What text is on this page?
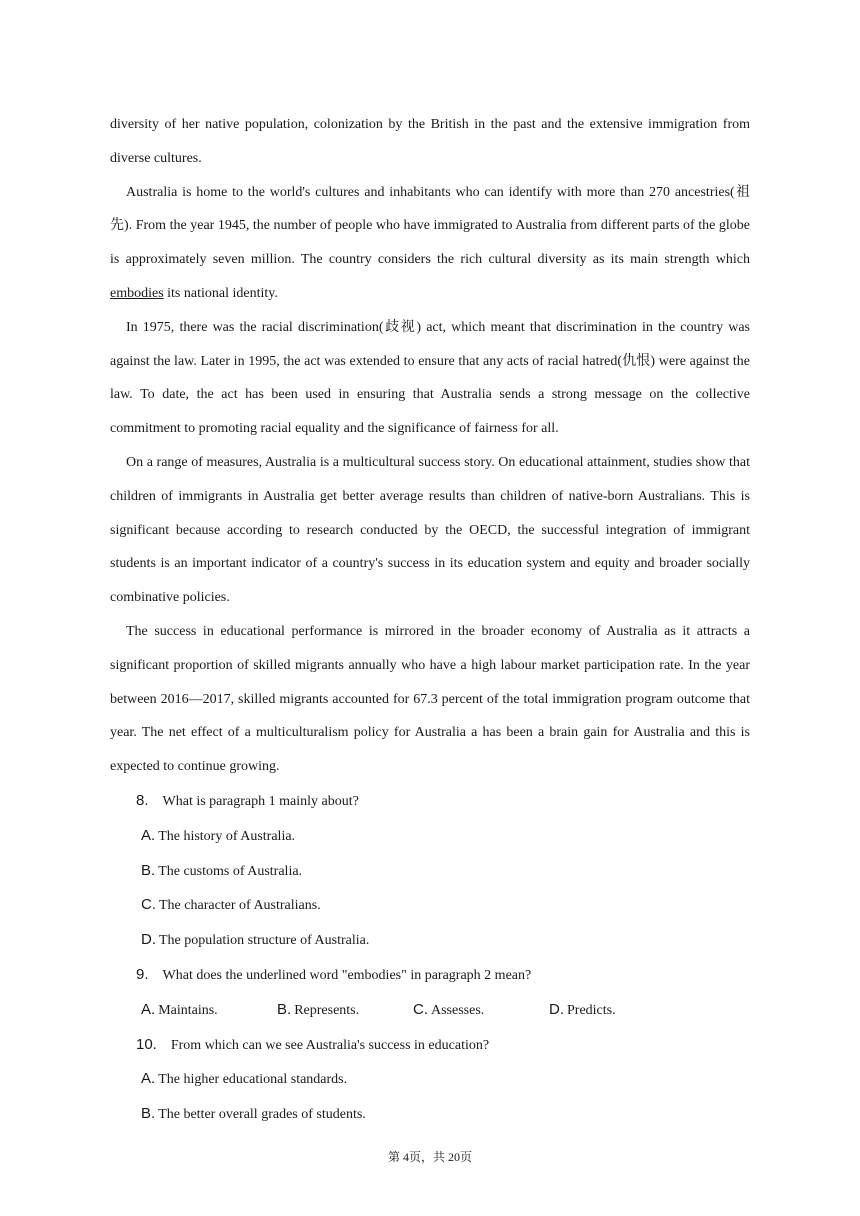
diversity of her native population, colonization by the British in the past and the extensive immigration from diverse cultures.

Australia is home to the world's cultures and inhabitants who can identify with more than 270 ancestries(祖先). From the year 1945, the number of people who have immigrated to Australia from different parts of the globe is approximately seven million. The country considers the rich cultural diversity as its main strength which embodies its national identity.

In 1975, there was the racial discrimination(歧视) act, which meant that discrimination in the country was against the law. Later in 1995, the act was extended to ensure that any acts of racial hatred(仇恨) were against the law. To date, the act has been used in ensuring that Australia sends a strong message on the collective commitment to promoting racial equality and the significance of fairness for all.

On a range of measures, Australia is a multicultural success story. On educational attainment, studies show that children of immigrants in Australia get better average results than children of native-born Australians. This is significant because according to research conducted by the OECD, the successful integration of immigrant students is an important indicator of a country's success in its education system and equity and broader socially combinative policies.

The success in educational performance is mirrored in the broader economy of Australia as it attracts a significant proportion of skilled migrants annually who have a high labour market participation rate. In the year between 2016—2017, skilled migrants accounted for 67.3 percent of the total immigration program outcome that year. The net effect of a multiculturalism policy for Australia a has been a brain gain for Australia and this is expected to continue growing.

8. What is paragraph 1 mainly about?

A. The history of Australia.

B. The customs of Australia.

C. The character of Australians.

D. The population structure of Australia.

9. What does the underlined word "embodies" in paragraph 2 mean?

A. Maintains.	B. Represents.	C. Assesses.	D. Predicts.

10. From which can we see Australia's success in education?

A. The higher educational standards.

B. The better overall grades of students.

第 4页，共 20页
